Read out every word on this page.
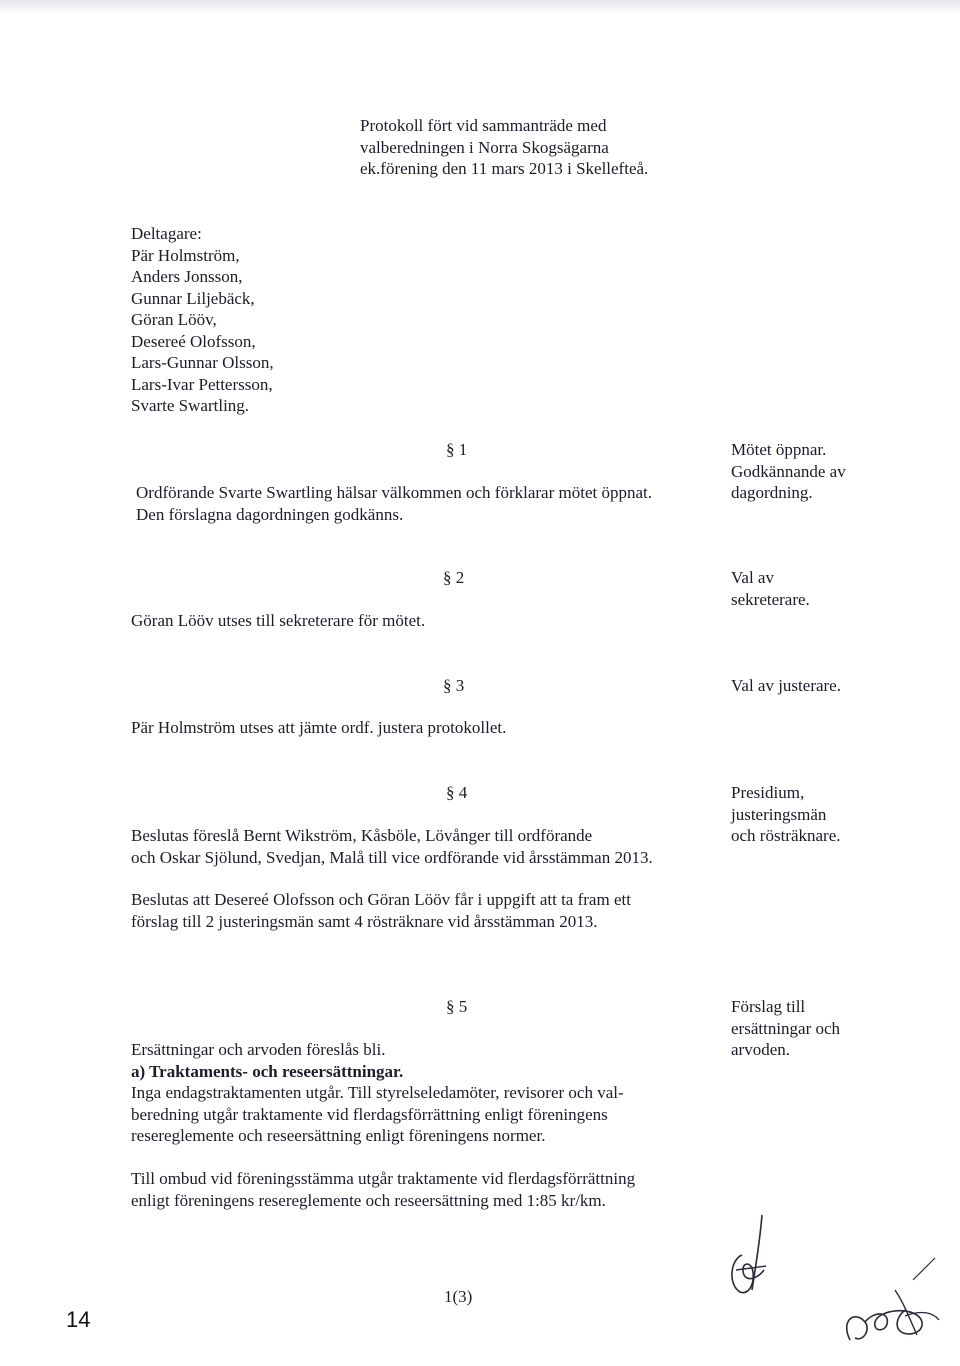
Protokoll fört vid sammanträde med
valberedningen i Norra Skogsägarna
ek.förening den 11 mars 2013 i Skellefteå.
Deltagare:
Pär Holmström,
Anders Jonsson,
Gunnar Liljebäck,
Göran Lööv,
Desereé Olofsson,
Lars-Gunnar Olsson,
Lars-Ivar Pettersson,
Svarte Swartling.
§ 1	Mötet öppnar.
Godkännande av
dagordning.
Ordförande Svarte Swartling hälsar välkommen och förklarar mötet öppnat.
Den förslagna dagordningen godkänns.
§ 2	Val av
sekreterare.
Göran Lööv utses till sekreterare för mötet.
§ 3	Val av justerare.
Pär Holmström utses att jämte ordf. justera protokollet.
§ 4	Presidium,
justeringsmän
och rösträknare.
Beslutas föreslå Bernt Wikström, Kåsböle, Lövånger till ordförande
och Oskar Sjölund, Svedjan, Malå till vice ordförande vid årsstämman 2013.
Beslutas att Desereé Olofsson och Göran Lööv får i uppgift att ta fram ett
förslag till 2 justeringsmän samt 4 rösträknare vid årsstämman 2013.
§ 5	Förslag till
ersättningar och
arvoden.
Ersättningar och arvoden föreslås bli.
a) Traktaments- och reseersättningar.
Inga endagstraktamenten utgår. Till styrelseledamöter, revisorer och val-
beredning utgår traktamente vid flerdagsförrättning enligt föreningens
resereglemente och reseersättning enligt föreningens normer.
Till ombud vid föreningsstämma utgår traktamente vid flerdagsförrättning
enligt föreningens resereglemente och reseersättning med 1:85 kr/km.
1(3)
14
